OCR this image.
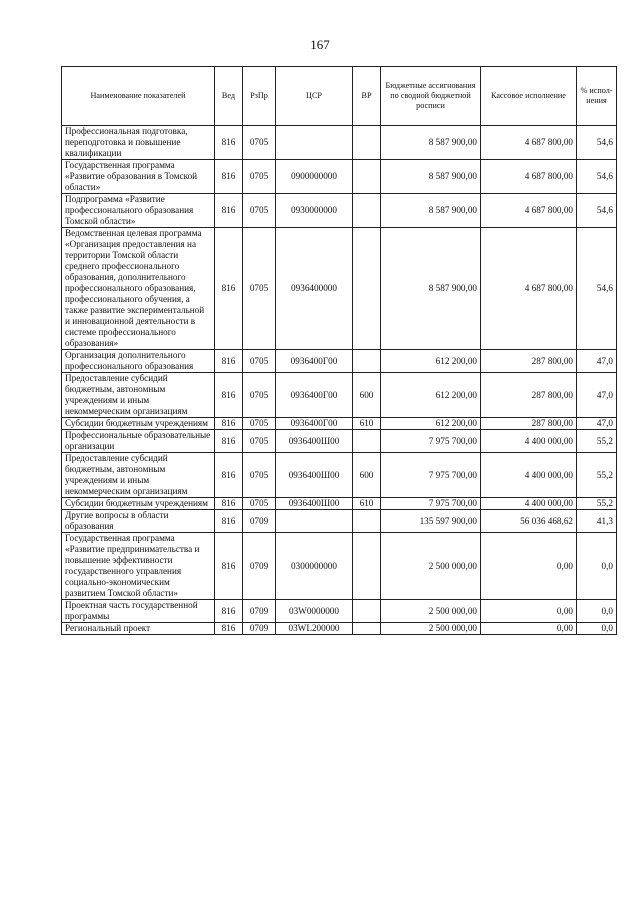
167
Наименование показателей	Вед	РзПр	ЦСР	ВР	Бюджетные ассигнования по сводной бюджетной росписи	Кассовое исполнение	% испол- нения
Профессиональная подготовка, переподготовка и повышение квалификации	816	0705			8 587 900,00	4 687 800,00	54,6
Государственная программа «Развитие образования в Томской области»	816	0705	0900000000		8 587 900,00	4 687 800,00	54,6
Подпрограмма «Развитие профессионального образования Томской области»	816	0705	0930000000		8 587 900,00	4 687 800,00	54,6
Ведомственная целевая программа «Организация предоставления на территории Томской области среднего профессионального образования, дополнительного профессионального образования, профессионального обучения, а также развитие экспериментальной и инновационной деятельности в системе профессионального образования»	816	0705	0936400000		8 587 900,00	4 687 800,00	54,6
Организация дополнительного профессионального образования	816	0705	0936400Г00		612 200,00	287 800,00	47,0
Предоставление субсидий бюджетным, автономным учреждениям и иным некоммерческим организациям	816	0705	0936400Г00	600	612 200,00	287 800,00	47,0
Субсидии бюджетным учреждениям	816	0705	0936400Г00	610	612 200,00	287 800,00	47,0
Профессиональные образовательные организации	816	0705	0936400Ш00		7 975 700,00	4 400 000,00	55,2
Предоставление субсидий бюджетным, автономным учреждениям и иным некоммерческим организациям	816	0705	0936400Ш00	600	7 975 700,00	4 400 000,00	55,2
Субсидии бюджетным учреждениям	816	0705	0936400Ш00	610	7 975 700,00	4 400 000,00	55,2
Другие вопросы в области образования	816	0709			135 597 900,00	56 036 468,62	41,3
Государственная программа «Развитие предпринимательства и повышение эффективности государственного управления социально-экономическим развитием Томской области»	816	0709	0300000000		2 500 000,00	0,00	0,0
Проектная часть государственной программы	816	0709	03W0000000		2 500 000,00	0,00	0,0
Региональный проект	816	0709	03WL200000		2 500 000,00	0,00	0,0
